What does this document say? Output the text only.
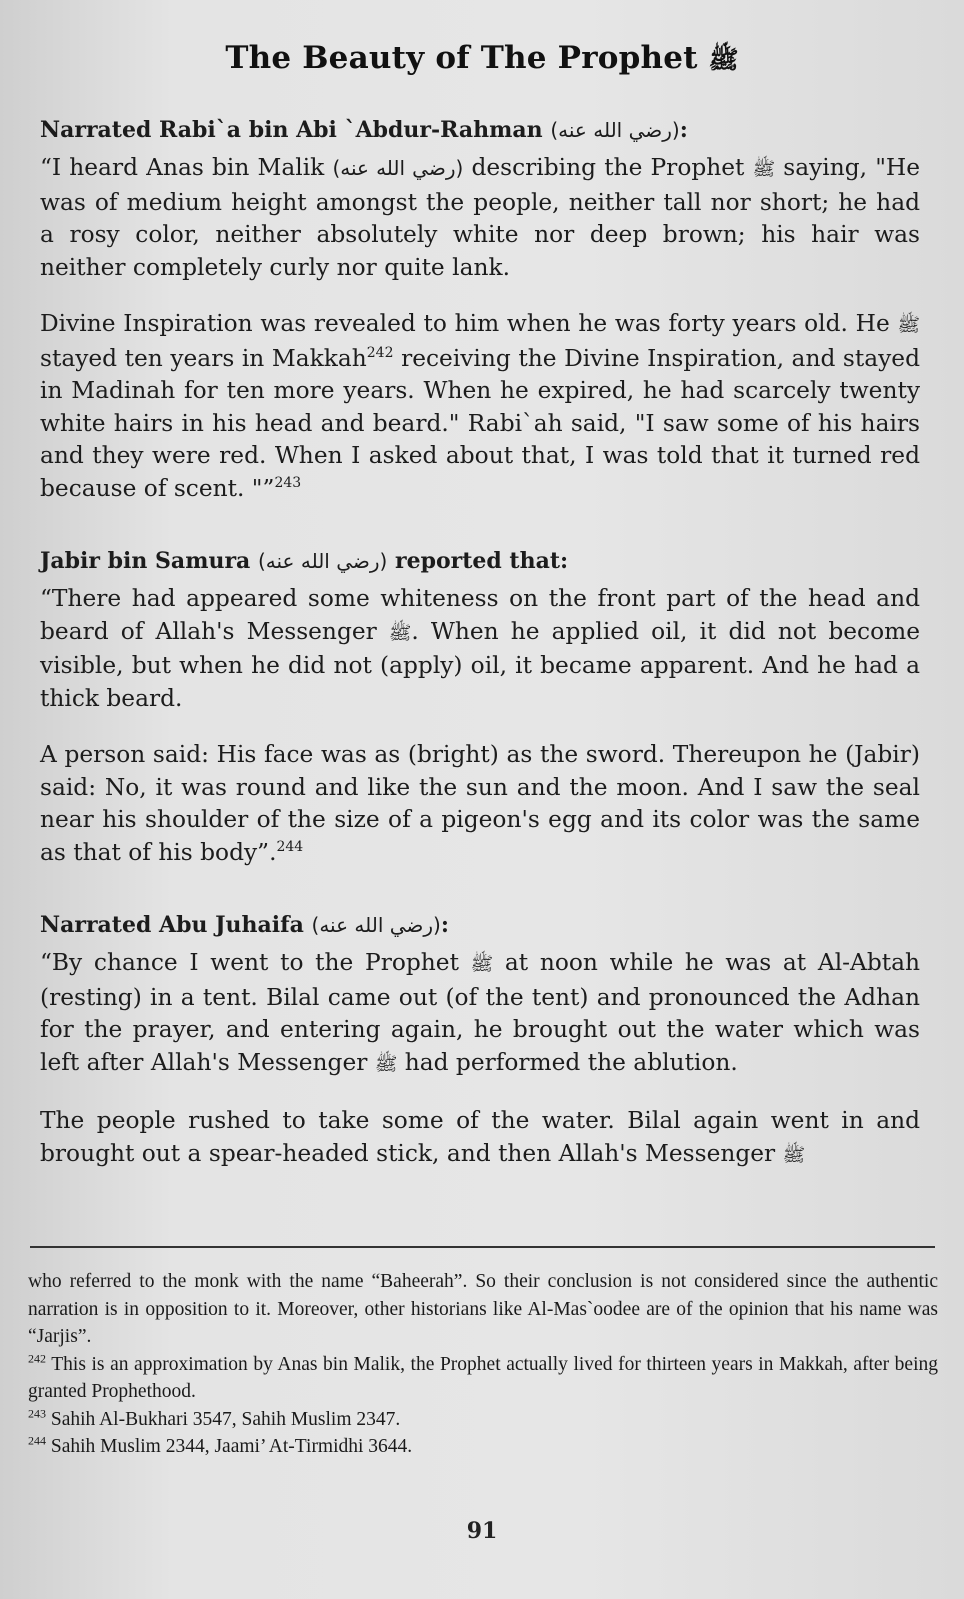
The Beauty of The Prophet ﷺ
Narrated Rabi`a bin Abi `Abdur-Rahman (رضي الله عنه):

“I heard Anas bin Malik (رضي الله عنه) describing the Prophet ﷺ saying, "He was of medium height amongst the people, neither tall nor short; he had a rosy color, neither absolutely white nor deep brown; his hair was neither completely curly nor quite lank.

Divine Inspiration was revealed to him when he was forty years old. He ﷺ stayed ten years in Makkah$^{242}$ receiving the Divine Inspiration, and stayed in Madinah for ten more years. When he expired, he had scarcely twenty white hairs in his head and beard." Rabi`ah said, "I saw some of his hairs and they were red. When I asked about that, I was told that it turned red because of scent. "”$^{243}$

Jabir bin Samura (رضي الله عنه) reported that:

“There had appeared some whiteness on the front part of the head and beard of Allah's Messenger ﷺ. When he applied oil, it did not become visible, but when he did not (apply) oil, it became apparent. And he had a thick beard.

A person said: His face was as (bright) as the sword. Thereupon he (Jabir) said: No, it was round and like the sun and the moon. And I saw the seal near his shoulder of the size of a pigeon's egg and its color was the same as that of his body”.$^{244}$

Narrated Abu Juhaifa (رضي الله عنه):

“By chance I went to the Prophet ﷺ at noon while he was at Al-Abtah (resting) in a tent. Bilal came out (of the tent) and pronounced the Adhan for the prayer, and entering again, he brought out the water which was left after Allah's Messenger ﷺ had performed the ablution.

The people rushed to take some of the water. Bilal again went in and brought out a spear-headed stick, and then Allah's Messenger ﷺ

who referred to the monk with the name “Baheerah”. So their conclusion is not considered since the authentic narration is in opposition to it. Moreover, other historians like Al-Mas`oodee are of the opinion that his name was “Jarjis”.

$^{242}$ This is an approximation by Anas bin Malik, the Prophet actually lived for thirteen years in Makkah, after being granted Prophethood.

$^{243}$ Sahih Al-Bukhari 3547, Sahih Muslim 2347.

$^{244}$ Sahih Muslim 2344, Jaami’ At-Tirmidhi 3644.

91
